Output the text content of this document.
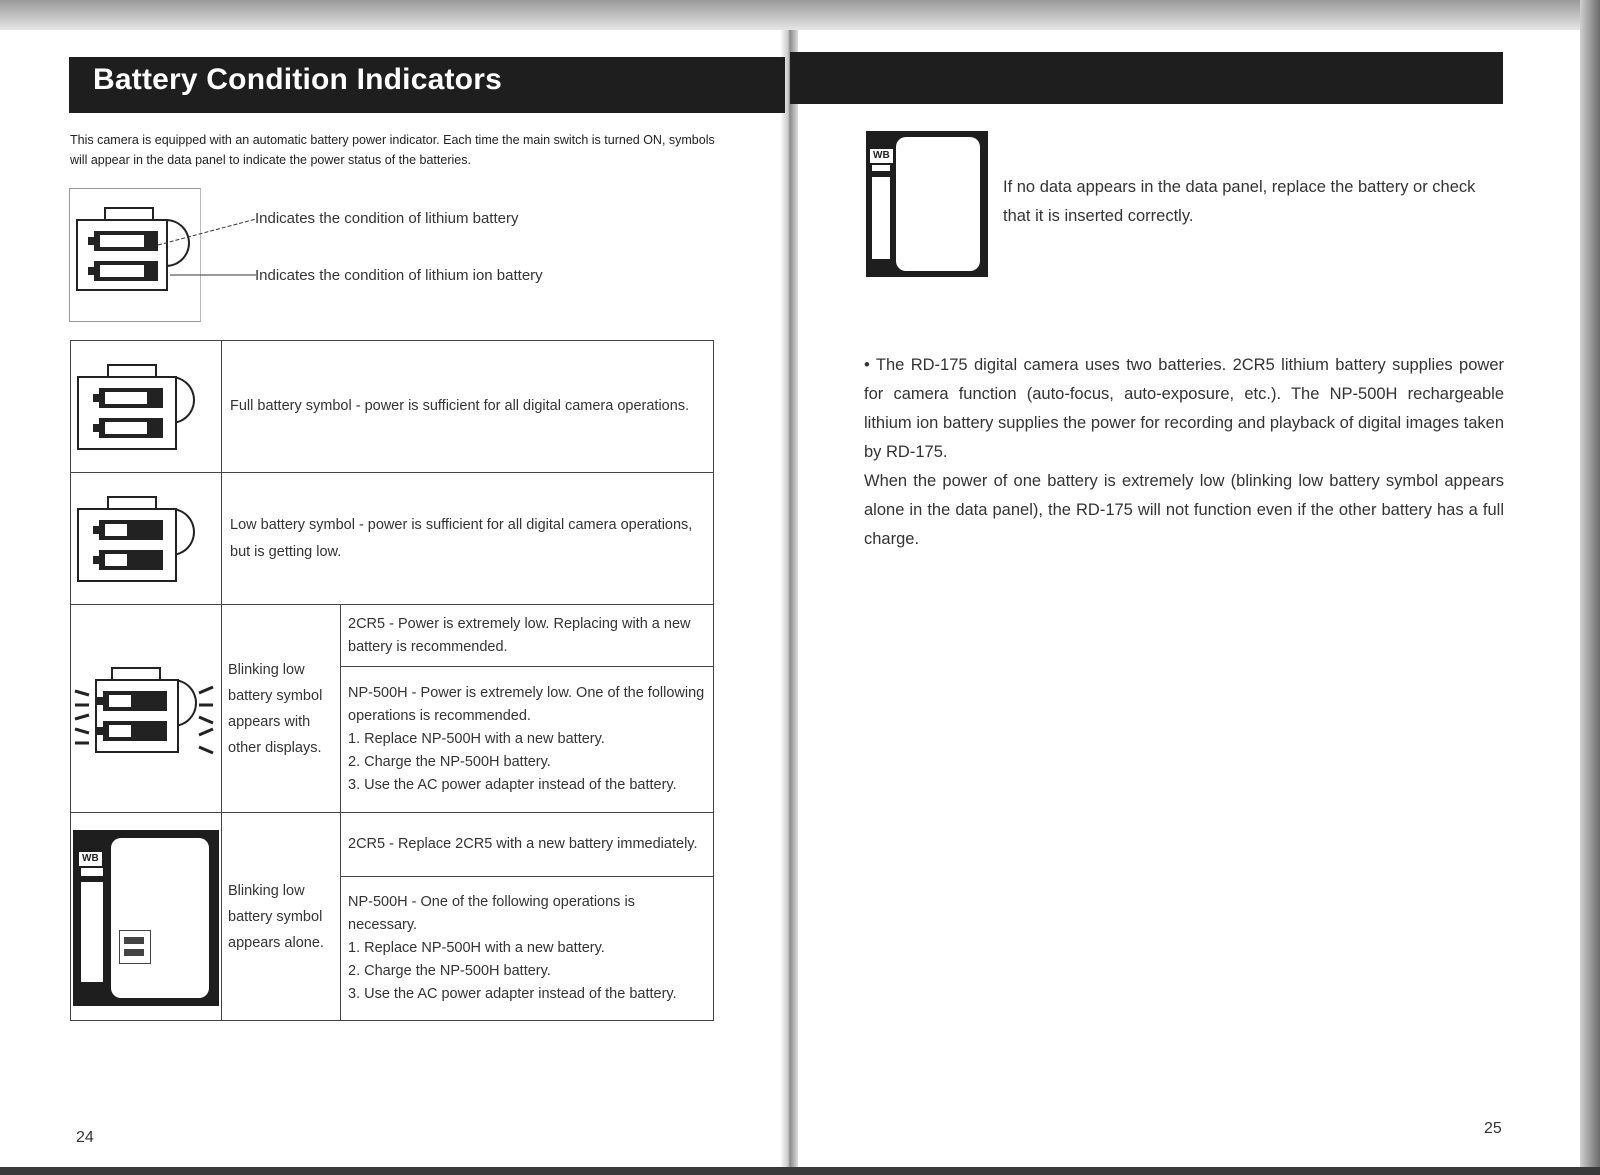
Battery Condition Indicators
This camera is equipped with an automatic battery power indicator. Each time the main switch is turned ON, symbols will appear in the data panel to indicate the power status of the batteries.
Indicates the condition of lithium battery
Indicates the condition of lithium ion battery
	Full battery symbol - power is sufficient for all digital camera operations.	

	Low battery symbol - power is sufficient for all digital camera operations, but is getting low.	

	Blinking low battery symbol appears with other displays.	2CR5 - Power is extremely low. Replacing with a new battery is recommended.

		NP-500H - Power is extremely low. One of the following operations is recommended.
1. Replace NP-500H with a new battery.
2. Charge the NP-500H battery.
3. Use the AC power adapter instead of the battery.

WB	Blinking low battery symbol appears alone.	2CR5 - Replace 2CR5 with a new battery immediately.

		NP-500H - One of the following operations is necessary.
1. Replace NP-500H with a new battery.
2. Charge the NP-500H battery.
3. Use the AC power adapter instead of the battery.
24
WB
If no data appears in the data panel, replace the battery or check that it is inserted correctly.

• The RD-175 digital camera uses two batteries. 2CR5 lithium battery supplies power for camera function (auto-focus, auto-exposure, etc.). The NP-500H rechargeable lithium ion battery supplies the power for recording and playback of digital images taken by RD-175.

When the power of one battery is extremely low (blinking low battery symbol appears alone in the data panel), the RD-175 will not function even if the other battery has a full charge.

25
